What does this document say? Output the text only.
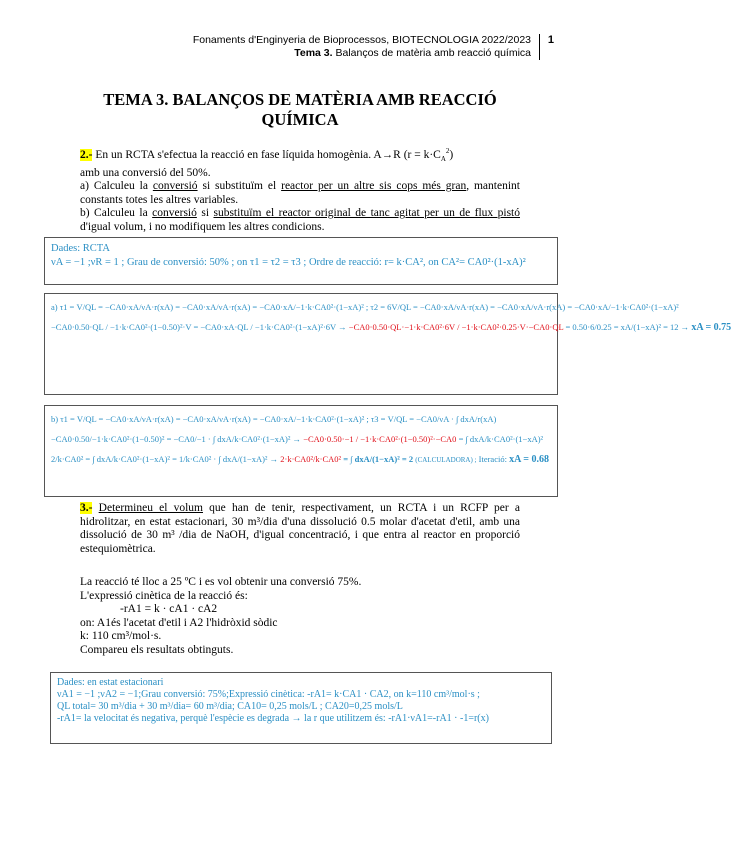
Fonaments d'Enginyeria de Bioprocessos, BIOTECNOLOGIA 2022/2023
Tema 3. Balanços de matèria amb reacció química
1
TEMA 3. BALANÇOS DE MATÈRIA AMB REACCIÓ
QUÍMICA
2.- En un RCTA s'efectua la reacció en fase líquida homogènia. A→R $(r = k\cdot C_A^2)$
amb una conversió del 50%.
a) Calculeu la conversió si substituïm el reactor per un altre sis cops més gran, mantenint constants totes les altres variables.
b) Calculeu la conversió si substituïm el reactor original de tanc agitat per un de flux pistó d'igual volum, i no modifiquem les altres condicions.
Dades: RCTA
νA = −1 ;νR = 1 ; Grau de conversió: 50% ; on τ1 = τ2 = τ3 ; Ordre de reacció: r= k·CA², on CA²= CA0²·(1-xA)²
a) τ1 = V/QL = −CA0·xA/νA·r(xA) = −CA0·xA/νA·r(xA) = −CA0·xA/−1·k·CA0²·(1−xA)² ; τ2 = 6V/QL = −CA0·xA/νA·r(xA) = −CA0·xA/νA·r(xA) = −CA0·xA/−1·k·CA0²·(1−xA)²
−CA0·0.50·QL / −1·k·CA0²·(1−0.50)²·V = −CA0·xA·QL / −1·k·CA0²·(1−xA)²·6V → −CA0·0.50·QL·−1·k·CA0²·6V / −1·k·CA0²·0.25·V·−CA0·QL = 0.50·6/0.25 = xA/(1−xA)² = 12 → xA = 0.75
b) τ1 = V/QL = −CA0·xA/νA·r(xA) = −CA0·xA/νA·r(xA) = −CA0·xA/−1·k·CA0²·(1−xA)² ; τ3 = V/QL = −CA0/νA · ∫ dxA/r(xA)
−CA0·0.50/−1·k·CA0²·(1−0.50)² = −CA0/−1 · ∫ dxA/k·CA0²·(1−xA)² → −CA0·0.50·−1 / −1·k·CA0²·(1−0.50)²·−CA0 = ∫ dxA/k·CA0²·(1−xA)²
2/k·CA0² = ∫ dxA/k·CA0²·(1−xA)² = 1/k·CA0² · ∫ dxA/(1−xA)² → 2·k·CA0²/k·CA0² = ∫ dxA/(1−xA)² = 2 (CALCULADORA) ; Iteració: xA = 0.68
3.- Determineu el volum que han de tenir, respectivament, un RCTA i un RCFP per a hidrolitzar, en estat estacionari, 30 m³/dia d'una dissolució 0.5 molar d'acetat d'etil, amb una dissolució de 30 m³ /dia de NaOH, d'igual concentració, i que entra al reactor en proporció estequiomètrica.
La reacció té lloc a 25 ºC i es vol obtenir una conversió 75%.
L'expressió cinètica de la reacció és:
-rA1 = k · cA1 · cA2
on: A1és l'acetat d'etil i A2 l'hidròxid sòdic
k: 110 cm³/mol·s.
Compareu els resultats obtinguts.
Dades: en estat estacionari
νA1 = −1 ;νA2 = −1;Grau conversió: 75%;Expressió cinètica: -rA1= k·CA1 · CA2, on k=110 cm³/mol·s ;
QL total= 30 m³/dia + 30 m³/dia= 60 m³/dia; CA10= 0,25 mols/L ; CA20=0,25 mols/L
-rA1= la velocitat és negativa, perquè l'espècie es degrada → la r que utilitzem és: -rA1·νA1=-rA1 · -1=r(x)
